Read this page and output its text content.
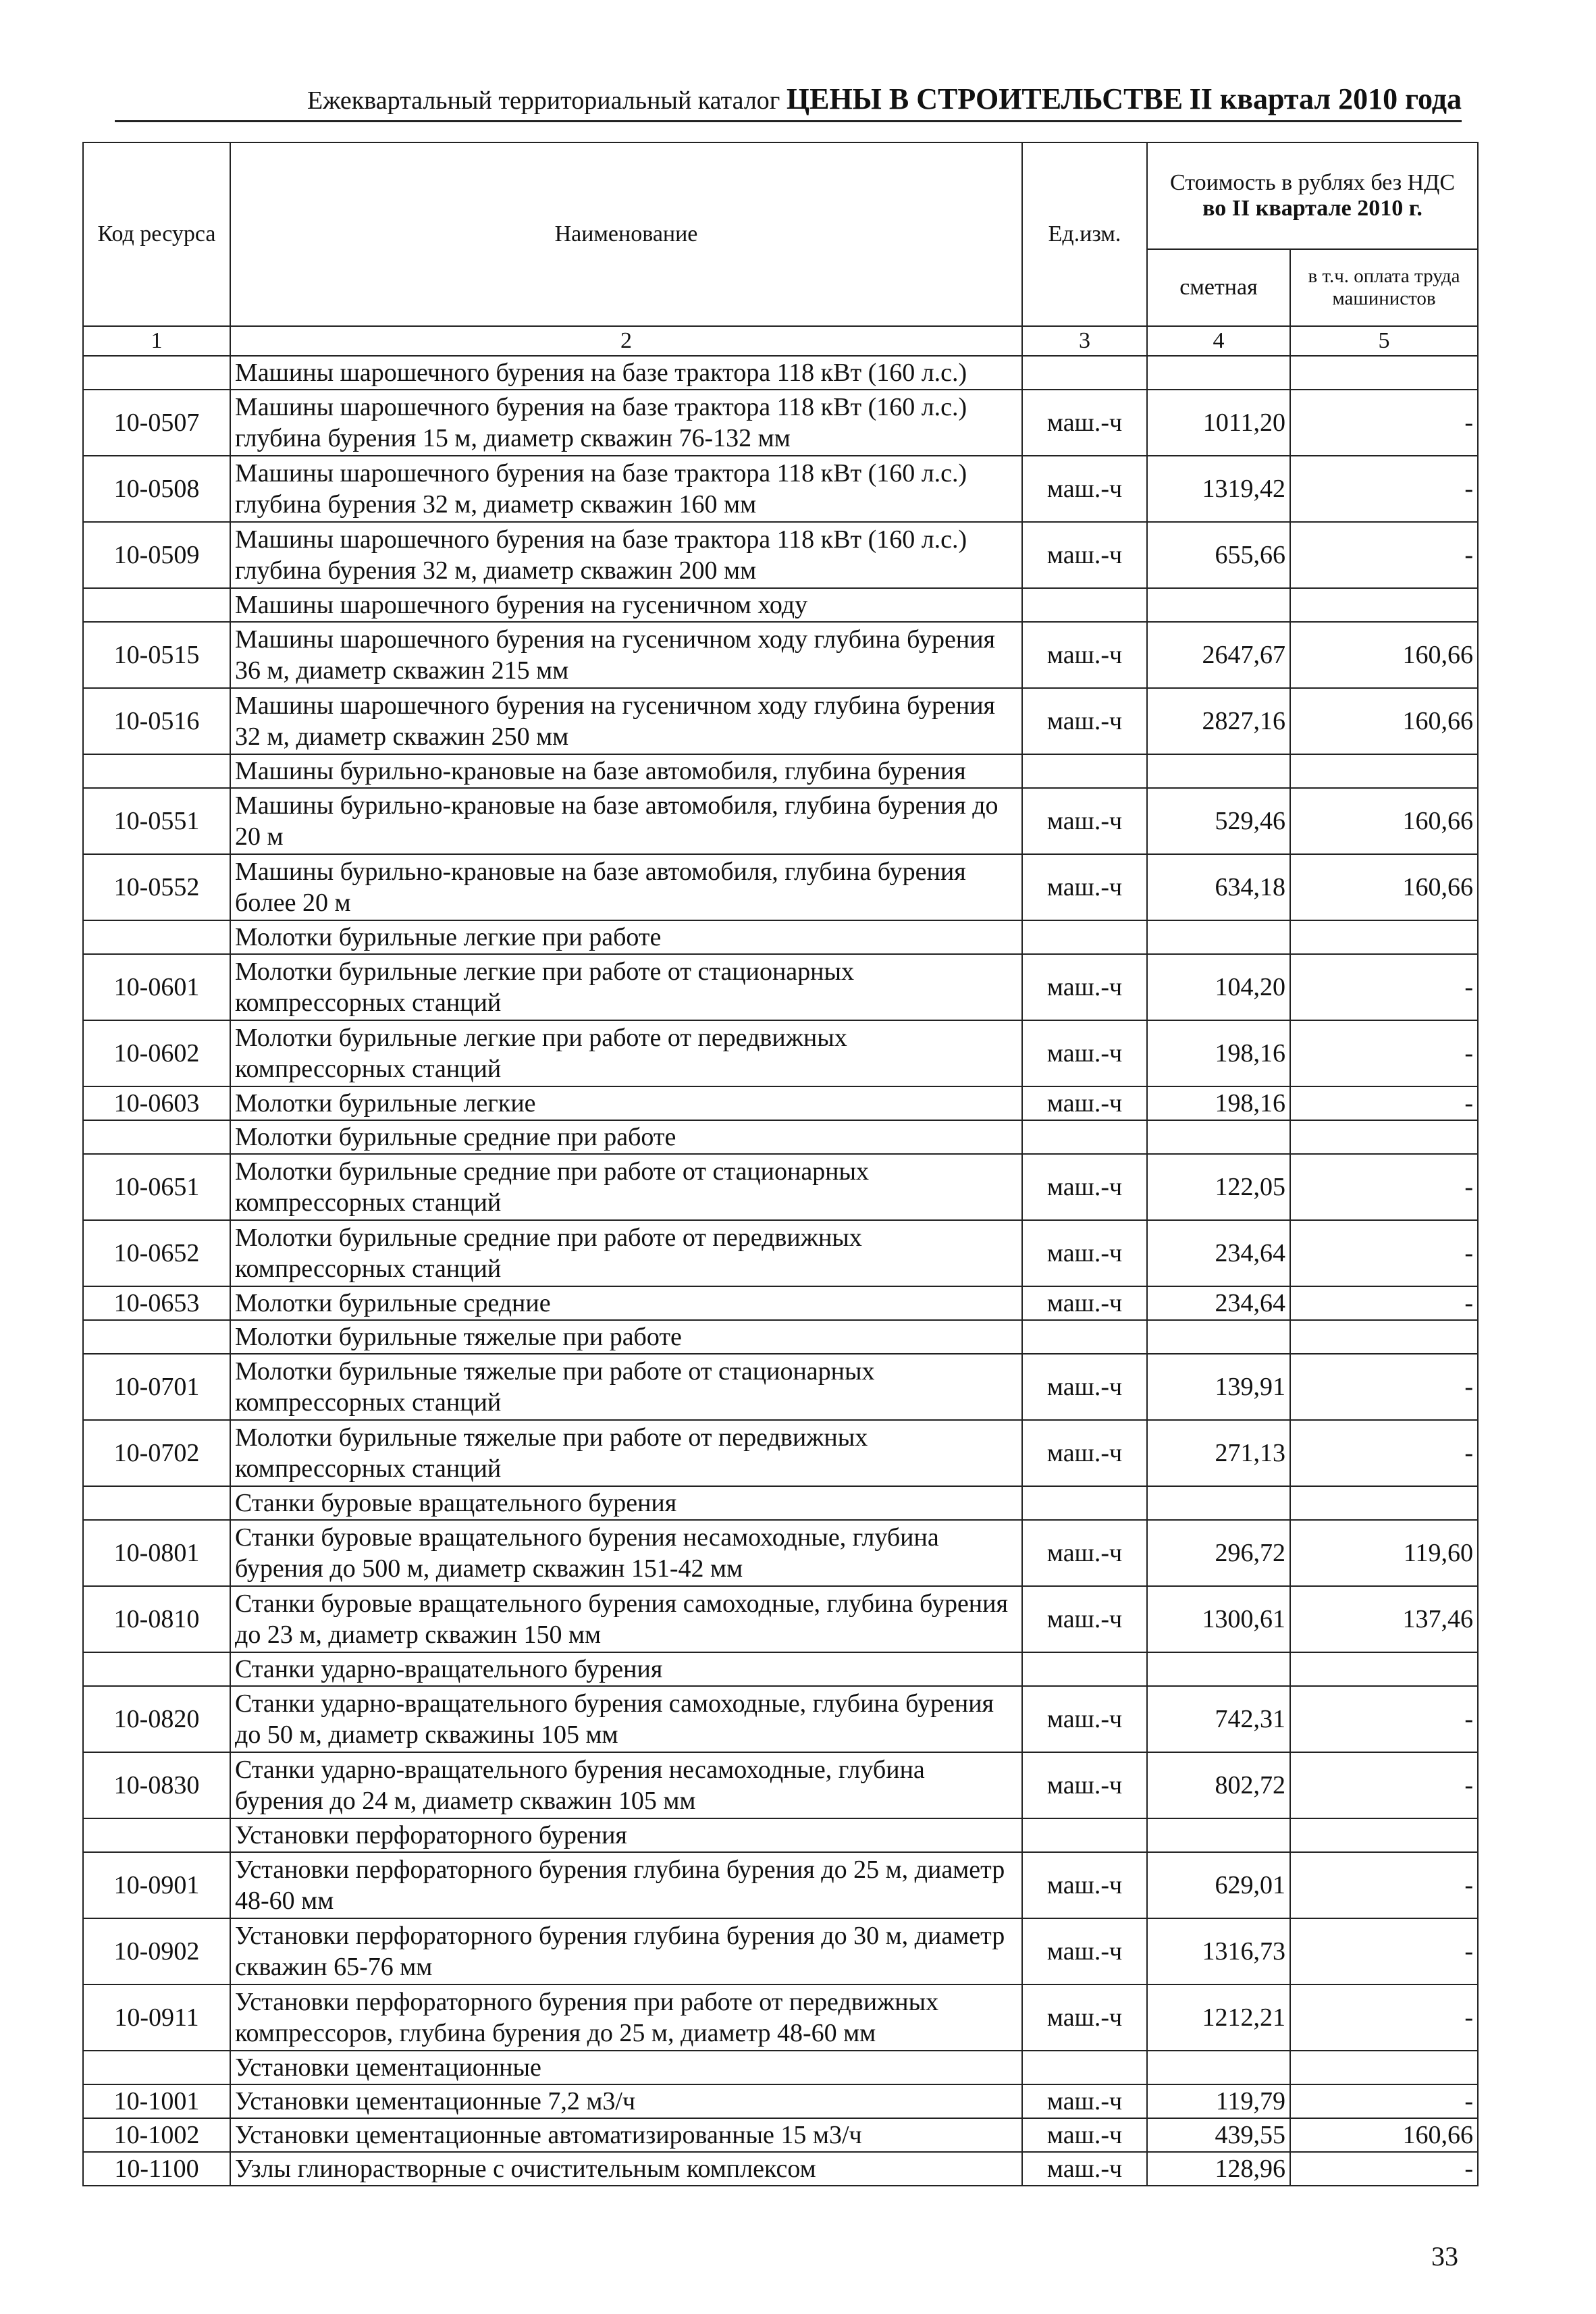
Ежеквартальный территориальный каталог ЦЕНЫ В СТРОИТЕЛЬСТВЕ II квартал 2010 года
Код ресурса	Наименование	Ед.изм.	Стоимость в рублях без НДС
во II квартале 2010 г.	

			сметная	в т.ч. оплата труда машинистов
1	2	3	4	5
	Машины шарошечного бурения на базе трактора 118 кВт (160 л.с.)			
10-0507	Машины шарошечного бурения на базе трактора 118 кВт (160 л.с.) глубина бурения 15 м, диаметр скважин 76-132 мм	маш.-ч	1011,20	-
10-0508	Машины шарошечного бурения на базе трактора 118 кВт (160 л.с.) глубина бурения 32 м, диаметр скважин 160 мм	маш.-ч	1319,42	-
10-0509	Машины шарошечного бурения на базе трактора 118 кВт (160 л.с.) глубина бурения 32 м, диаметр скважин 200 мм	маш.-ч	655,66	-
	Машины шарошечного бурения на гусеничном ходу			
10-0515	Машины шарошечного бурения на гусеничном ходу глубина бурения 36 м, диаметр скважин 215 мм	маш.-ч	2647,67	160,66
10-0516	Машины шарошечного бурения на гусеничном ходу глубина бурения 32 м, диаметр скважин 250 мм	маш.-ч	2827,16	160,66
	Машины бурильно-крановые на базе автомобиля, глубина бурения			
10-0551	Машины бурильно-крановые на базе автомобиля, глубина бурения до 20 м	маш.-ч	529,46	160,66
10-0552	Машины бурильно-крановые на базе автомобиля, глубина бурения более 20 м	маш.-ч	634,18	160,66
	Молотки бурильные легкие при работе			
10-0601	Молотки бурильные легкие при работе от стационарных компрессорных станций	маш.-ч	104,20	-
10-0602	Молотки бурильные легкие при работе от передвижных компрессорных станций	маш.-ч	198,16	-
10-0603	Молотки бурильные легкие	маш.-ч	198,16	-
	Молотки бурильные средние при работе			
10-0651	Молотки бурильные средние при работе от стационарных компрессорных станций	маш.-ч	122,05	-
10-0652	Молотки бурильные средние при работе от передвижных компрессорных станций	маш.-ч	234,64	-
10-0653	Молотки бурильные средние	маш.-ч	234,64	-
	Молотки бурильные тяжелые при работе			
10-0701	Молотки бурильные тяжелые при работе от стационарных компрессорных станций	маш.-ч	139,91	-
10-0702	Молотки бурильные тяжелые при работе от передвижных компрессорных станций	маш.-ч	271,13	-
	Станки буровые вращательного бурения			
10-0801	Станки буровые вращательного бурения несамоходные, глубина бурения до 500 м, диаметр скважин 151-42 мм	маш.-ч	296,72	119,60
10-0810	Станки буровые вращательного бурения самоходные, глубина бурения до 23 м, диаметр скважин 150 мм	маш.-ч	1300,61	137,46
	Станки ударно-вращательного бурения			
10-0820	Станки ударно-вращательного бурения самоходные, глубина бурения до 50 м, диаметр скважины 105 мм	маш.-ч	742,31	-
10-0830	Станки ударно-вращательного бурения несамоходные, глубина бурения до 24 м, диаметр скважин 105 мм	маш.-ч	802,72	-
	Установки перфораторного бурения			
10-0901	Установки перфораторного бурения глубина бурения до 25 м, диаметр 48-60 мм	маш.-ч	629,01	-
10-0902	Установки перфораторного бурения глубина бурения до 30 м, диаметр скважин 65-76 мм	маш.-ч	1316,73	-
10-0911	Установки перфораторного бурения при работе от передвижных компрессоров, глубина бурения до 25 м, диаметр 48-60 мм	маш.-ч	1212,21	-
	Установки цементационные			
10-1001	Установки цементационные 7,2 м3/ч	маш.-ч	119,79	-
10-1002	Установки цементационные автоматизированные 15 м3/ч	маш.-ч	439,55	160,66
10-1100	Узлы глинорастворные с очистительным комплексом	маш.-ч	128,96	-
33
